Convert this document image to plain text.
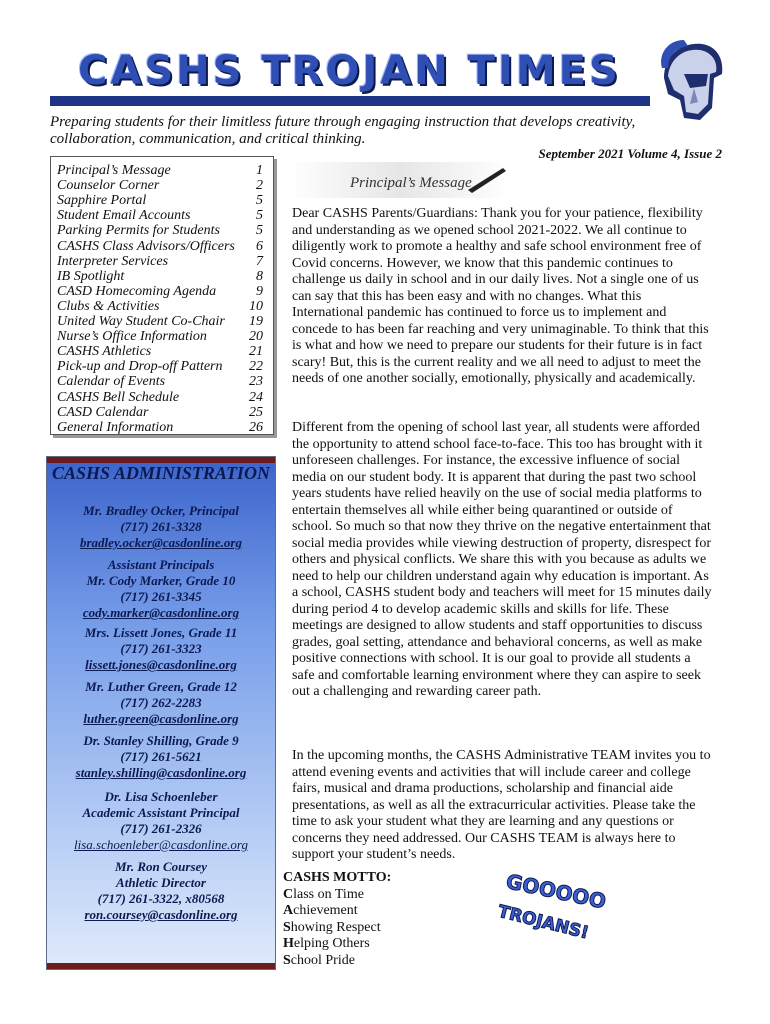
CASHS TROJAN TIMES
Preparing students for their limitless future through engaging instruction that develops creativity, collaboration, communication, and critical thinking.
September 2021 Volume 4, Issue 2
Principal’s Message	1
Counselor Corner	2
Sapphire Portal	5
Student Email Accounts	5
Parking Permits for Students	5
CASHS Class Advisors/Officers 6
Interpreter Services	7
IB Spotlight	8
CASD Homecoming Agenda	9
Clubs & Activities	10
United Way Student Co-Chair 19
Nurse’s Office Information	20
CASHS Athletics	21
Pick-up and Drop-off Pattern 22
Calendar of Events	23
CASHS Bell Schedule	24
CASD Calendar	25
General Information	26
CASHS ADMINISTRATION
Mr. Bradley Ocker, Principal
(717) 261-3328
bradley.ocker@casdonline.org
Assistant Principals
Mr. Cody Marker, Grade 10
(717) 261-3345
cody.marker@casdonline.org
Mrs. Lissett Jones, Grade 11
(717) 261-3323
lissett.jones@casdonline.org
Mr. Luther Green, Grade 12
(717) 262-2283
luther.green@casdonline.org
Dr. Stanley Shilling, Grade 9
(717) 261-5621
stanley.shilling@casdonline.org
Dr. Lisa Schoenleber
Academic Assistant Principal
(717) 261-2326
lisa.schoenleber@casdonline.org
Mr. Ron Coursey
Athletic Director
(717) 261-3322, x80568
ron.coursey@casdonline.org
Principal’s Message
Dear CASHS Parents/Guardians: Thank you for your patience, flexibility and understanding as we opened school 2021-2022. We all continue to diligently work to promote a healthy and safe school environment free of Covid concerns. However, we know that this pandemic continues to challenge us daily in school and in our daily lives. Not a single one of us can say that this has been easy and with no changes. What this International pandemic has continued to force us to implement and concede to has been far reaching and very unimaginable. To think that this is what and how we need to prepare our students for their future is in fact scary! But, this is the current reality and we all need to adjust to meet the needs of one another socially, emotionally, physically and academically.
Different from the opening of school last year, all students were afforded the opportunity to attend school face-to-face. This too has brought with it unforeseen challenges. For instance, the excessive influence of social media on our student body. It is apparent that during the past two school years students have relied heavily on the use of social media platforms to entertain themselves all while either being quarantined or outside of school. So much so that now they thrive on the negative entertainment that social media provides while viewing destruction of property, disrespect for others and physical conflicts. We share this with you because as adults we need to help our children understand again why education is important. As a school, CASHS student body and teachers will meet for 15 minutes daily during period 4 to develop academic skills and skills for life. These meetings are designed to allow students and staff opportunities to discuss grades, goal setting, attendance and behavioral concerns, as well as make positive connections with school. It is our goal to provide all students a safe and comfortable learning environment where they can aspire to seek out a challenging and rewarding career path.
In the upcoming months, the CASHS Administrative TEAM invites you to attend evening events and activities that will include career and college fairs, musical and drama productions, scholarship and financial aide presentations, as well as all the extracurricular activities. Please take the time to ask your student what they are learning and any questions or concerns they need addressed. Our CASHS TEAM is always here to support your student’s needs.
CASHS MOTTO:
Class on Time
Achievement
Showing Respect
Helping Others
School Pride
GOOOOO
TROJANS!
